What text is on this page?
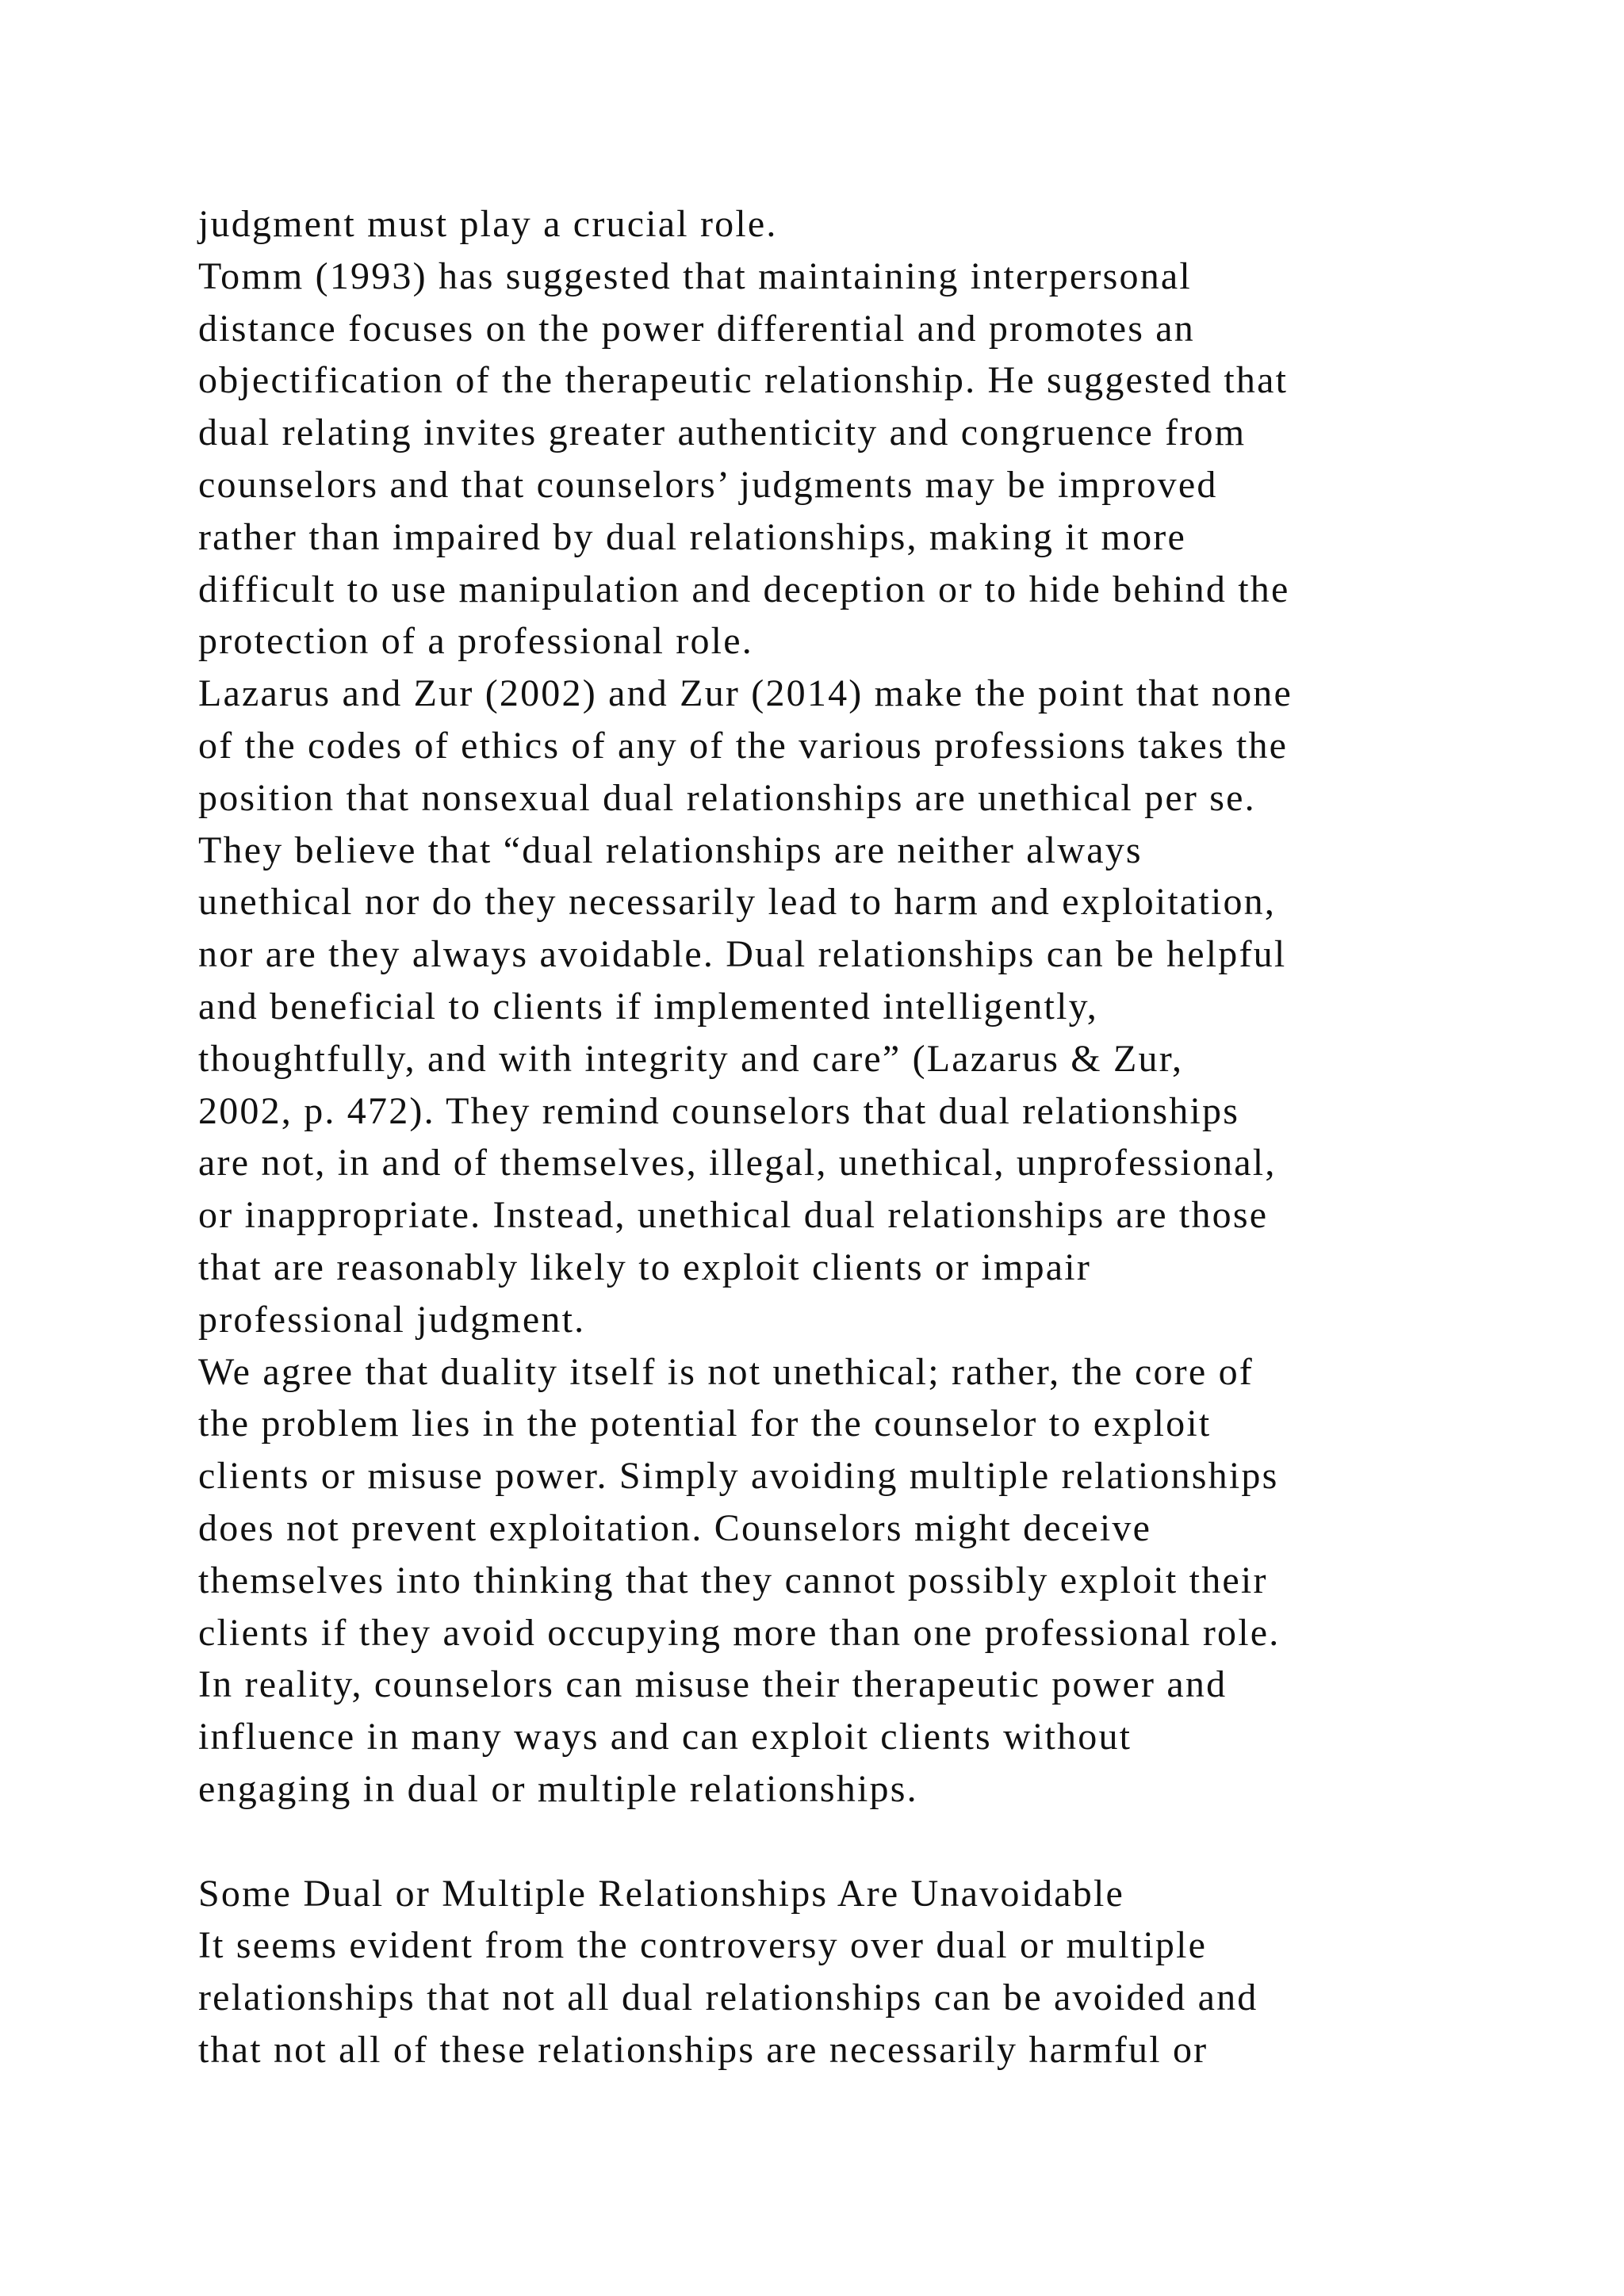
judgment must play a crucial role.
Tomm (1993) has suggested that maintaining interpersonal
distance focuses on the power differential and promotes an
objectification of the therapeutic relationship. He suggested that
dual relating invites greater authenticity and congruence from
counselors and that counselors’ judgments may be improved
rather than impaired by dual relationships, making it more
difficult to use manipulation and deception or to hide behind the
protection of a professional role.
Lazarus and Zur (2002) and Zur (2014) make the point that none
of the codes of ethics of any of the various professions takes the
position that nonsexual dual relationships are unethical per se.
They believe that “dual relationships are neither always
unethical nor do they necessarily lead to harm and exploitation,
nor are they always avoidable. Dual relationships can be helpful
and beneficial to clients if implemented intelligently,
thoughtfully, and with integrity and care” (Lazarus & Zur,
2002, p. 472). They remind counselors that dual relationships
are not, in and of themselves, illegal, unethical, unprofessional,
or inappropriate. Instead, unethical dual relationships are those
that are reasonably likely to exploit clients or impair
professional judgment.
We agree that duality itself is not unethical; rather, the core of
the problem lies in the potential for the counselor to exploit
clients or misuse power. Simply avoiding multiple relationships
does not prevent exploitation. Counselors might deceive
themselves into thinking that they cannot possibly exploit their
clients if they avoid occupying more than one professional role.
In reality, counselors can misuse their therapeutic power and
influence in many ways and can exploit clients without
engaging in dual or multiple relationships.
Some Dual or Multiple Relationships Are Unavoidable
It seems evident from the controversy over dual or multiple
relationships that not all dual relationships can be avoided and
that not all of these relationships are necessarily harmful or
